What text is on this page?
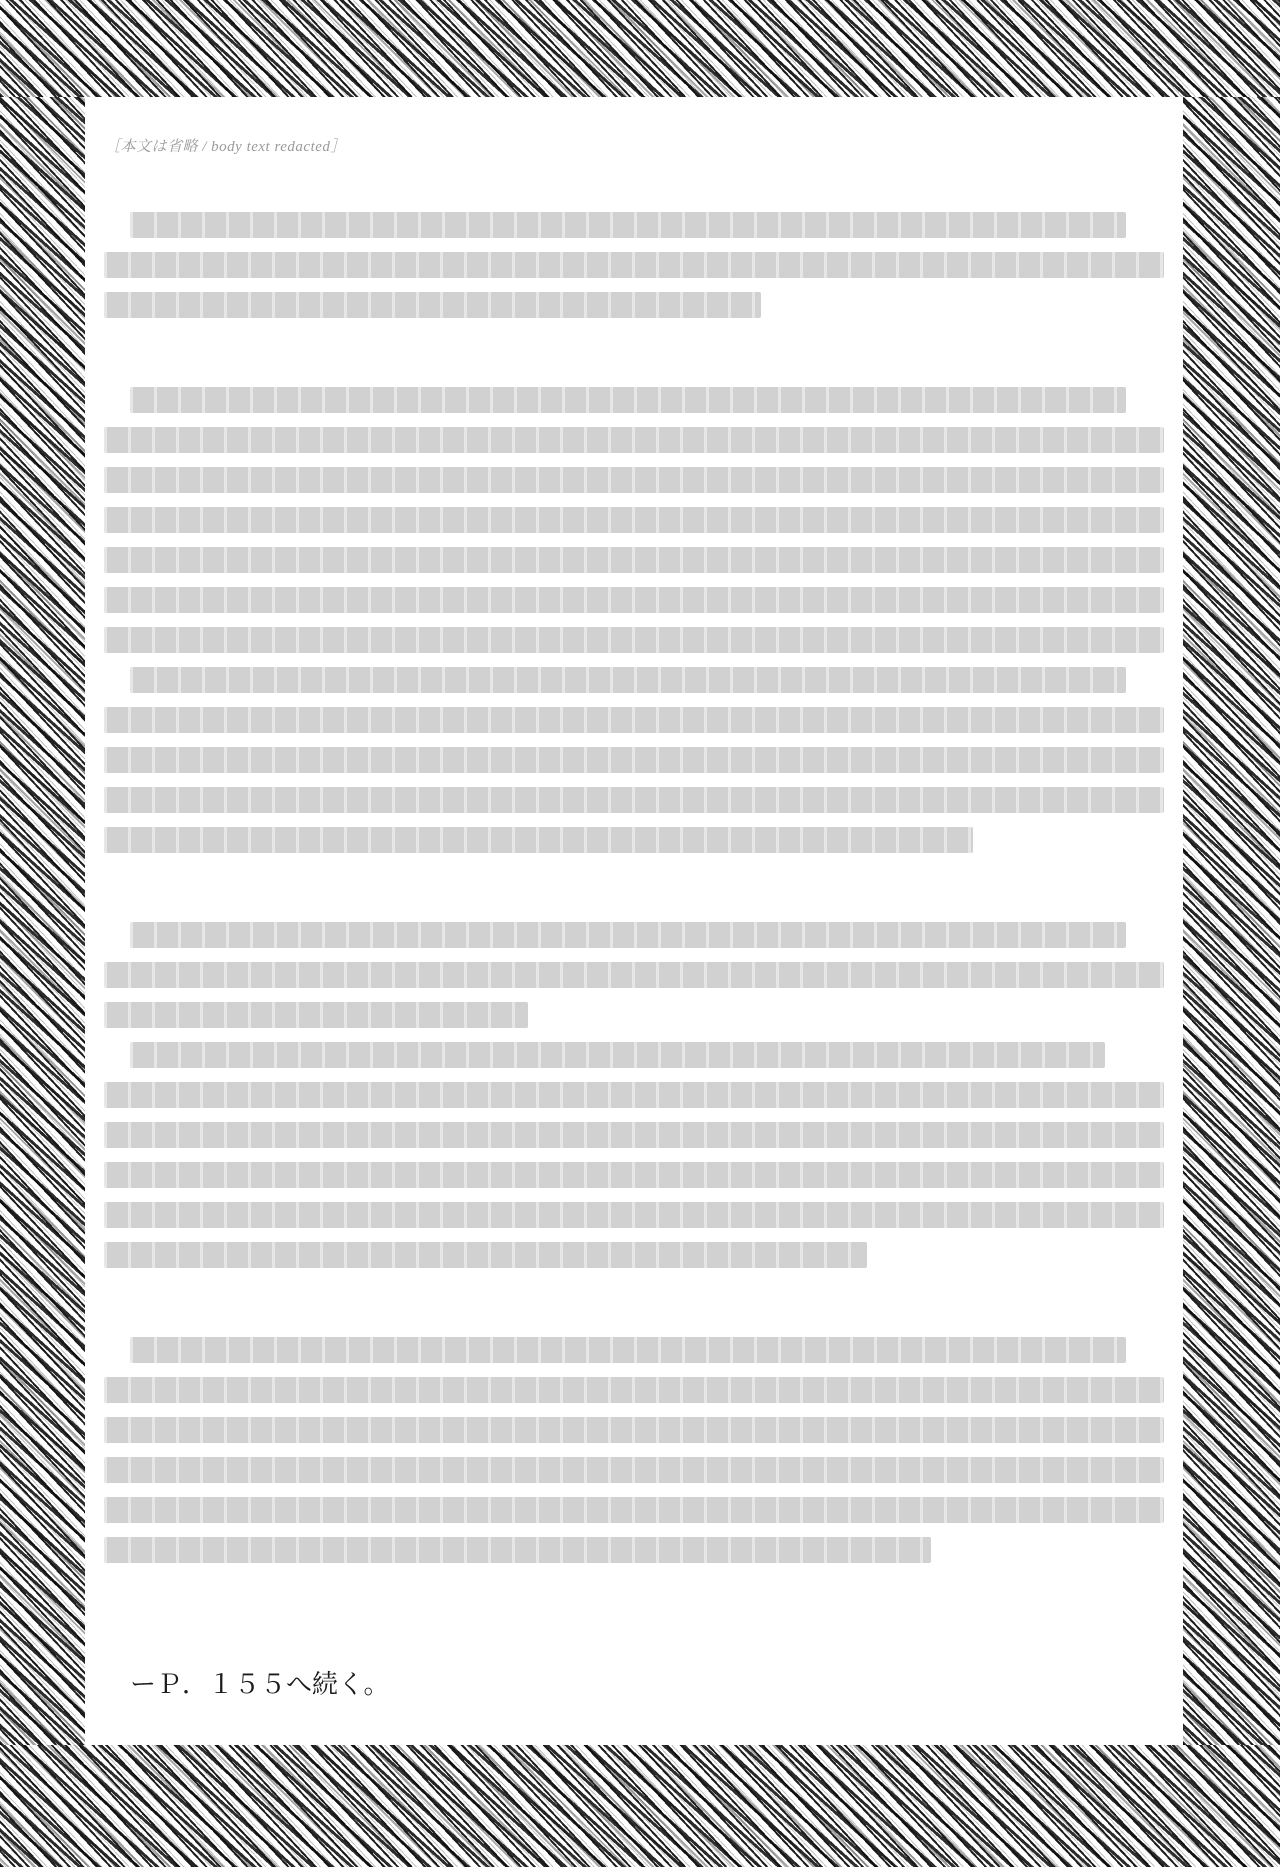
［本文は省略 / body text redacted］
ーＰ．１５５へ続く。
